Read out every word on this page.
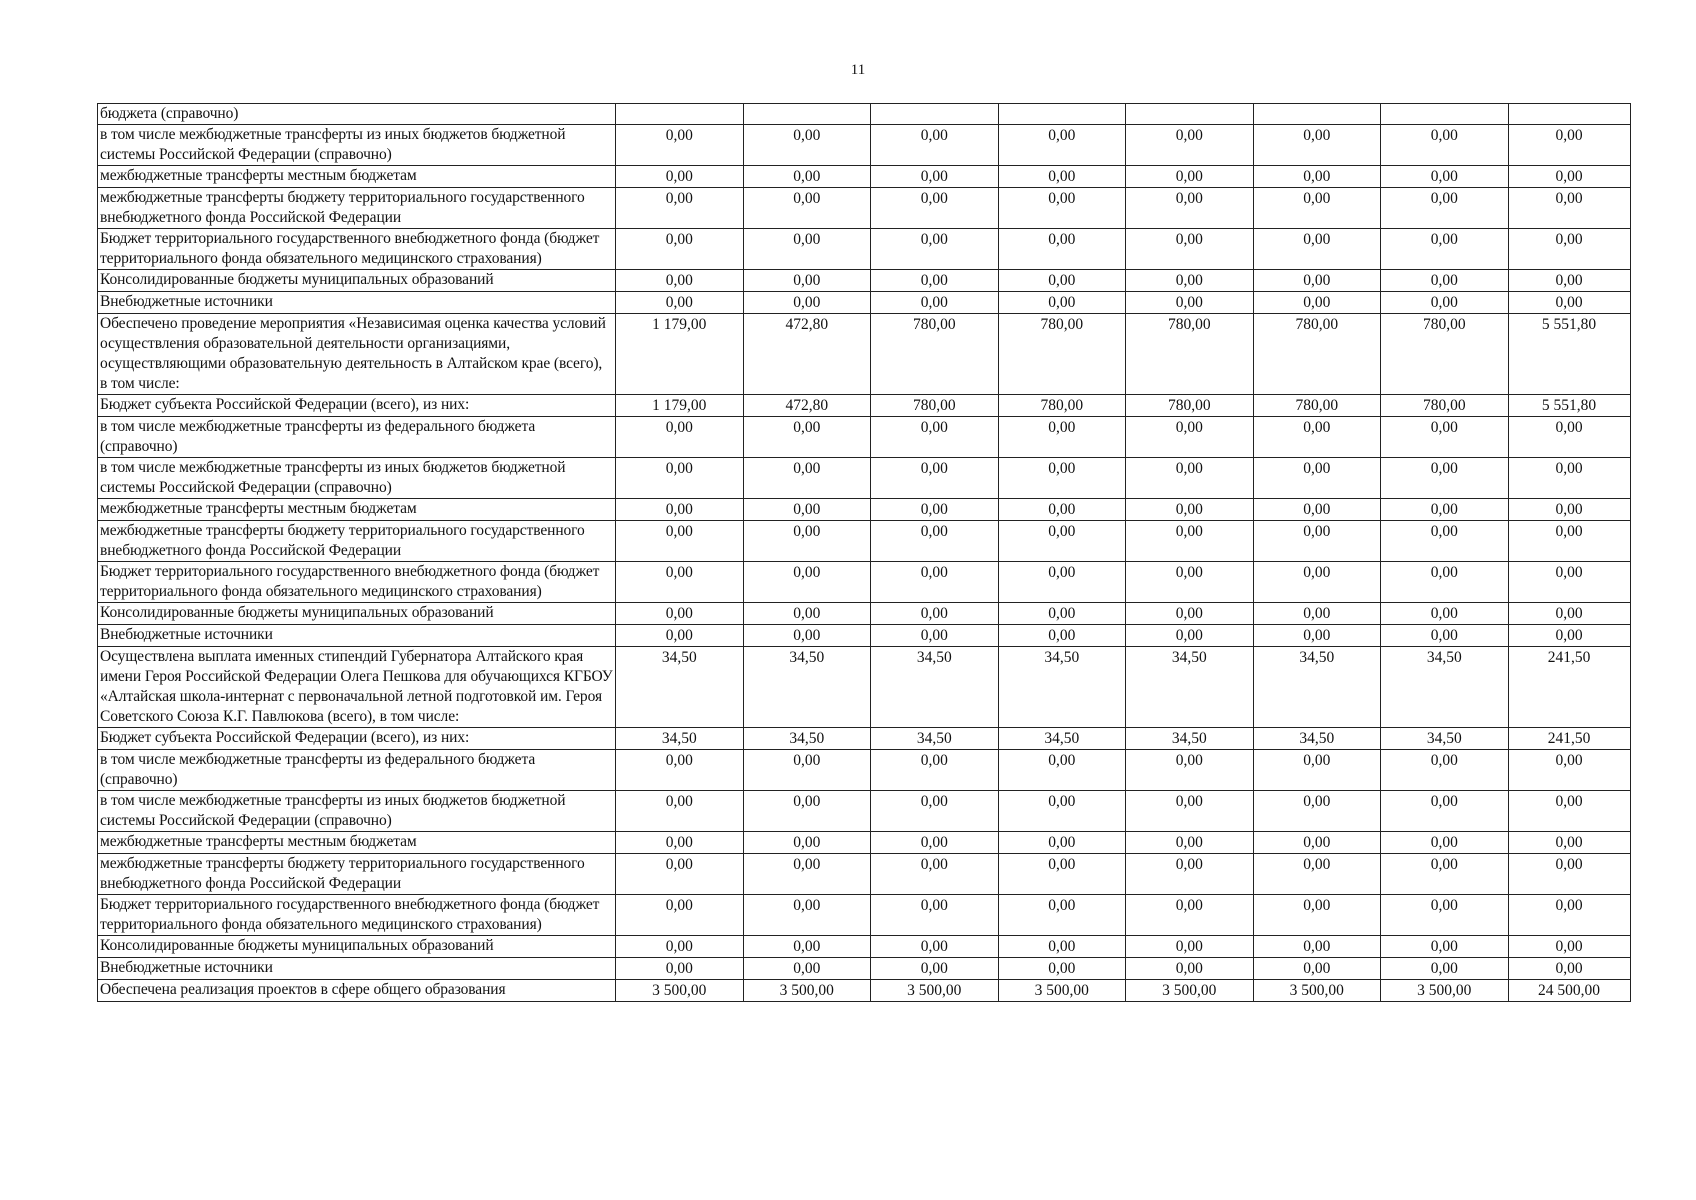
11
бюджета (справочно)								
в том числе межбюджетные трансферты из иных бюджетов бюджетной системы Российской Федерации (справочно)	0,00	0,00	0,00	0,00	0,00	0,00	0,00	0,00
межбюджетные трансферты местным бюджетам	0,00	0,00	0,00	0,00	0,00	0,00	0,00	0,00
межбюджетные трансферты бюджету территориального государственного внебюджетного фонда Российской Федерации	0,00	0,00	0,00	0,00	0,00	0,00	0,00	0,00
Бюджет территориального государственного внебюджетного фонда (бюджет территориального фонда обязательного медицинского страхования)	0,00	0,00	0,00	0,00	0,00	0,00	0,00	0,00
Консолидированные бюджеты муниципальных образований	0,00	0,00	0,00	0,00	0,00	0,00	0,00	0,00
Внебюджетные источники	0,00	0,00	0,00	0,00	0,00	0,00	0,00	0,00
Обеспечено проведение мероприятия «Независимая оценка качества условий осуществления образовательной деятельности организациями, осуществляющими образовательную деятельность в Алтайском крае (всего), в том числе:	1 179,00	472,80	780,00	780,00	780,00	780,00	780,00	5 551,80
Бюджет субъекта Российской Федерации (всего), из них:	1 179,00	472,80	780,00	780,00	780,00	780,00	780,00	5 551,80
в том числе межбюджетные трансферты из федерального бюджета (справочно)	0,00	0,00	0,00	0,00	0,00	0,00	0,00	0,00
в том числе межбюджетные трансферты из иных бюджетов бюджетной системы Российской Федерации (справочно)	0,00	0,00	0,00	0,00	0,00	0,00	0,00	0,00
межбюджетные трансферты местным бюджетам	0,00	0,00	0,00	0,00	0,00	0,00	0,00	0,00
межбюджетные трансферты бюджету территориального государственного внебюджетного фонда Российской Федерации	0,00	0,00	0,00	0,00	0,00	0,00	0,00	0,00
Бюджет территориального государственного внебюджетного фонда (бюджет территориального фонда обязательного медицинского страхования)	0,00	0,00	0,00	0,00	0,00	0,00	0,00	0,00
Консолидированные бюджеты муниципальных образований	0,00	0,00	0,00	0,00	0,00	0,00	0,00	0,00
Внебюджетные источники	0,00	0,00	0,00	0,00	0,00	0,00	0,00	0,00
Осуществлена выплата именных стипендий Губернатора Алтайского края имени Героя Российской Федерации Олега Пешкова для обучающихся КГБОУ «Алтайская школа-интернат с первоначальной летной подготовкой им. Героя Советского Союза К.Г. Павлюкова (всего), в том числе:	34,50	34,50	34,50	34,50	34,50	34,50	34,50	241,50
Бюджет субъекта Российской Федерации (всего), из них:	34,50	34,50	34,50	34,50	34,50	34,50	34,50	241,50
в том числе межбюджетные трансферты из федерального бюджета (справочно)	0,00	0,00	0,00	0,00	0,00	0,00	0,00	0,00
в том числе межбюджетные трансферты из иных бюджетов бюджетной системы Российской Федерации (справочно)	0,00	0,00	0,00	0,00	0,00	0,00	0,00	0,00
межбюджетные трансферты местным бюджетам	0,00	0,00	0,00	0,00	0,00	0,00	0,00	0,00
межбюджетные трансферты бюджету территориального государственного внебюджетного фонда Российской Федерации	0,00	0,00	0,00	0,00	0,00	0,00	0,00	0,00
Бюджет территориального государственного внебюджетного фонда (бюджет территориального фонда обязательного медицинского страхования)	0,00	0,00	0,00	0,00	0,00	0,00	0,00	0,00
Консолидированные бюджеты муниципальных образований	0,00	0,00	0,00	0,00	0,00	0,00	0,00	0,00
Внебюджетные источники	0,00	0,00	0,00	0,00	0,00	0,00	0,00	0,00
Обеспечена реализация проектов в сфере общего образования	3 500,00	3 500,00	3 500,00	3 500,00	3 500,00	3 500,00	3 500,00	24 500,00
